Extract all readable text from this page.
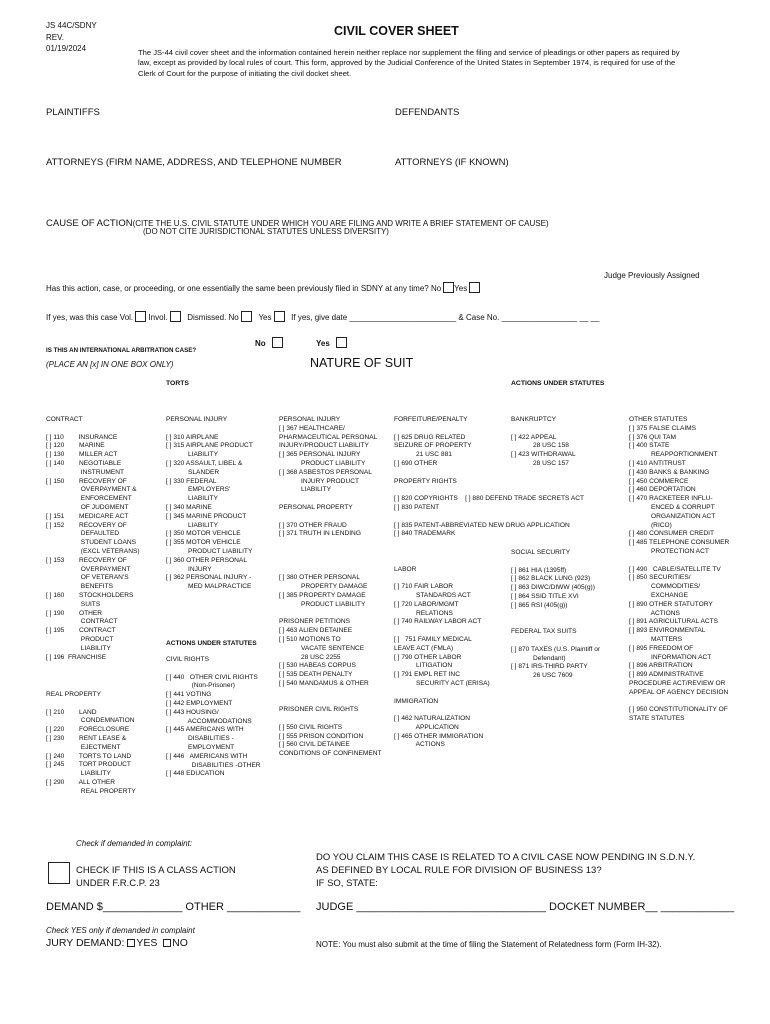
JS 44C/SDNY
REV.
01/19/2024
CIVIL COVER SHEET
The JS-44 civil cover sheet and the information contained herein neither replace nor supplement the filing and service of pleadings or other papers as required by law, except as provided by local rules of court. This form, approved by the Judicial Conference of the United States in September 1974, is required for use of the Clerk of Court for the purpose of initiating the civil docket sheet.
PLAINTIFFS	DEFENDANTS
ATTORNEYS (FIRM NAME, ADDRESS, AND TELEPHONE NUMBER	ATTORNEYS (IF KNOWN)
CAUSE OF ACTION(CITE THE U.S. CIVIL STATUTE UNDER WHICH YOU ARE FILING AND WRITE A BRIEF STATEMENT OF CAUSE)
(DO NOT CITE JURISDICTIONAL STATUTES UNLESS DIVERSITY)
Judge Previously Assigned
Has this action, case, or proceeding, or one essentially the same been previously filed in SDNY at any time? No Yes
If yes, was this case Vol. Invol. Dismissed. No Yes If yes, give date ________________________ & Case No. _________________ __ __
IS THIS AN INTERNATIONAL ARBITRATION CASE?
No	Yes
(PLACE AN [x] IN ONE BOX ONLY)	NATURE OF SUIT
TORTS	ACTIONS UNDER STATUTES
CONTRACT

[ ] 110        INSURANCE
[ ] 120        MARINE
[ ] 130        MILLER ACT
[ ] 140        NEGOTIABLE
INSTRUMENT
[ ] 150        RECOVERY OF
OVERPAYMENT &
ENFORCEMENT
OF JUDGMENT
[ ] 151        MEDICARE ACT
[ ] 152        RECOVERY OF
DEFAULTED
STUDENT LOANS
(EXCL VETERANS)
[ ] 153        RECOVERY OF
OVERPAYMENT
OF VETERAN'S
BENEFITS
[ ] 160        STOCKHOLDERS
SUITS
[ ] 190        OTHER
CONTRACT
[ ] 195        CONTRACT
PRODUCT
LIABILITY
[ ] 196  FRANCHISE
REAL PROPERTY

[ ] 210        LAND
CONDEMNATION
[ ] 220        FORECLOSURE
[ ] 230        RENT LEASE &
EJECTMENT
[ ] 240        TORTS TO LAND
[ ] 245        TORT PRODUCT
LIABILITY
[ ] 290        ALL OTHER
REAL PROPERTY
PERSONAL INJURY

[ ] 310 AIRPLANE
[ ] 315 AIRPLANE PRODUCT
LIABILITY
[ ] 320 ASSAULT, LIBEL &
SLANDER
[ ] 330 FEDERAL
EMPLOYERS'
LIABILITY
[ ] 340 MARINE
[ ] 345 MARINE PRODUCT
LIABILITY
[ ] 350 MOTOR VEHICLE
[ ] 355 MOTOR VEHICLE
PRODUCT LIABILITY
[ ] 360 OTHER PERSONAL
INJURY
[ ] 362 PERSONAL INJURY -
MED MALPRACTICE
ACTIONS UNDER STATUTES
CIVIL RIGHTS

[ ] 440   OTHER CIVIL RIGHTS
(Non-Prisoner)
[ ] 441 VOTING
[ ] 442 EMPLOYMENT
[ ] 443 HOUSING/
ACCOMMODATIONS
[ ] 445 AMERICANS WITH
DISABILITIES -
EMPLOYMENT
[ ] 446   AMERICANS WITH
DISABILITIES -OTHER
[ ] 448 EDUCATION
PERSONAL INJURY
[ ] 367 HEALTHCARE/
PHARMACEUTICAL PERSONAL
INJURY/PRODUCT LIABILITY
[ ] 365 PERSONAL INJURY
PRODUCT LIABILITY
[ ] 368 ASBESTOS PERSONAL
INJURY PRODUCT
LIABILITY

PERSONAL PROPERTY

[ ] 370 OTHER FRAUD
[ ] 371 TRUTH IN LENDING

[ ] 380 OTHER PERSONAL
PROPERTY DAMAGE
[ ] 385 PROPERTY DAMAGE
PRODUCT LIABILITY

PRISONER PETITIONS
[ ] 463 ALIEN DETAINEE
[ ] 510 MOTIONS TO
VACATE SENTENCE
28 USC 2255
[ ] 530 HABEAS CORPUS
[ ] 535 DEATH PENALTY
[ ] 540 MANDAMUS & OTHER

PRISONER CIVIL RIGHTS

[ ] 550 CIVIL RIGHTS
[ ] 555 PRISON CONDITION
[ ] 560 CIVIL DETAINEE
CONDITIONS OF CONFINEMENT
FORFEITURE/PENALTY

[ ] 625 DRUG RELATED
SEIZURE OF PROPERTY
21 USC 881
[ ] 690 OTHER

PROPERTY RIGHTS

[ ] 820 COPYRIGHTS    [ ] 880 DEFEND TRADE SECRETS ACT
[ ] 830 PATENT

[ ] 835 PATENT-ABBREVIATED NEW DRUG APPLICATION
[ ] 840 TRADEMARK

LABOR

[ ] 710 FAIR LABOR
STANDARDS ACT
[ ] 720 LABOR/MGMT
RELATIONS
[ ] 740 RAILWAY LABOR ACT

[ ]   751 FAMILY MEDICAL
LEAVE ACT (FMLA)
[ ] 790 OTHER LABOR
LITIGATION
[ ] 791 EMPL RET INC
SECURITY ACT (ERISA)

IMMIGRATION

[ ] 462 NATURALIZATION
APPLICATION
[ ] 465 OTHER IMMIGRATION
ACTIONS
BANKRUPTCY

[ ] 422 APPEAL
28 USC 158
[ ] 423 WITHDRAWAL
28 USC 157
SOCIAL SECURITY

[ ] 861 HIA (1395ff)
[ ] 862 BLACK LUNG (923)
[ ] 863 DIWC/DIWW (405(g))
[ ] 864 SSID TITLE XVI
[ ] 865 RSI (405(g))

FEDERAL TAX SUITS

[ ] 870 TAXES (U.S. Plaintiff or
Defendant)
[ ] 871 IRS-THIRD PARTY
26 USC 7609
OTHER STATUTES
[ ] 375 FALSE CLAIMS
[ ] 376 QUI TAM
[ ] 400 STATE
REAPPORTIONMENT
[ ] 410 ANTITRUST
[ ] 430 BANKS & BANKING
[ ] 450 COMMERCE
[ ] 460 DEPORTATION
[ ] 470 RACKETEER INFLU-
ENCED & CORRUPT
ORGANIZATION ACT
(RICO)
[ ] 480 CONSUMER CREDIT
[ ] 485 TELEPHONE CONSUMER
PROTECTION ACT

[ ] 490   CABLE/SATELLITE TV
[ ] 850 SECURITIES/
COMMODITIES/
EXCHANGE
[ ] 890 OTHER STATUTORY
ACTIONS
[ ] 891 AGRICULTURAL ACTS
[ ] 893 ENVIRONMENTAL
MATTERS
[ ] 895 FREEDOM OF
INFORMATION ACT
[ ] 896 ARBITRATION
[ ] 899 ADMINISTRATIVE
PROCEDURE ACT/REVIEW OR
APPEAL OF AGENCY DECISION

[ ] 950 CONSTITUTIONALITY OF
STATE STATUTES
Check if demanded in complaint:
CHECK IF THIS IS A CLASS ACTION
UNDER F.R.C.P. 23
DO YOU CLAIM THIS CASE IS RELATED TO A CIVIL CASE NOW PENDING IN S.D.N.Y.
AS DEFINED BY LOCAL RULE FOR DIVISION OF BUSINESS 13?
IF SO, STATE:
DEMAND $_____________ OTHER ____________ JUDGE _______________________________ DOCKET NUMBER__ ____________
Check YES only if demanded in complaint
JURY DEMAND: YES NO	NOTE: You must also submit at the time of filing the Statement of Relatedness form (Form IH-32).
